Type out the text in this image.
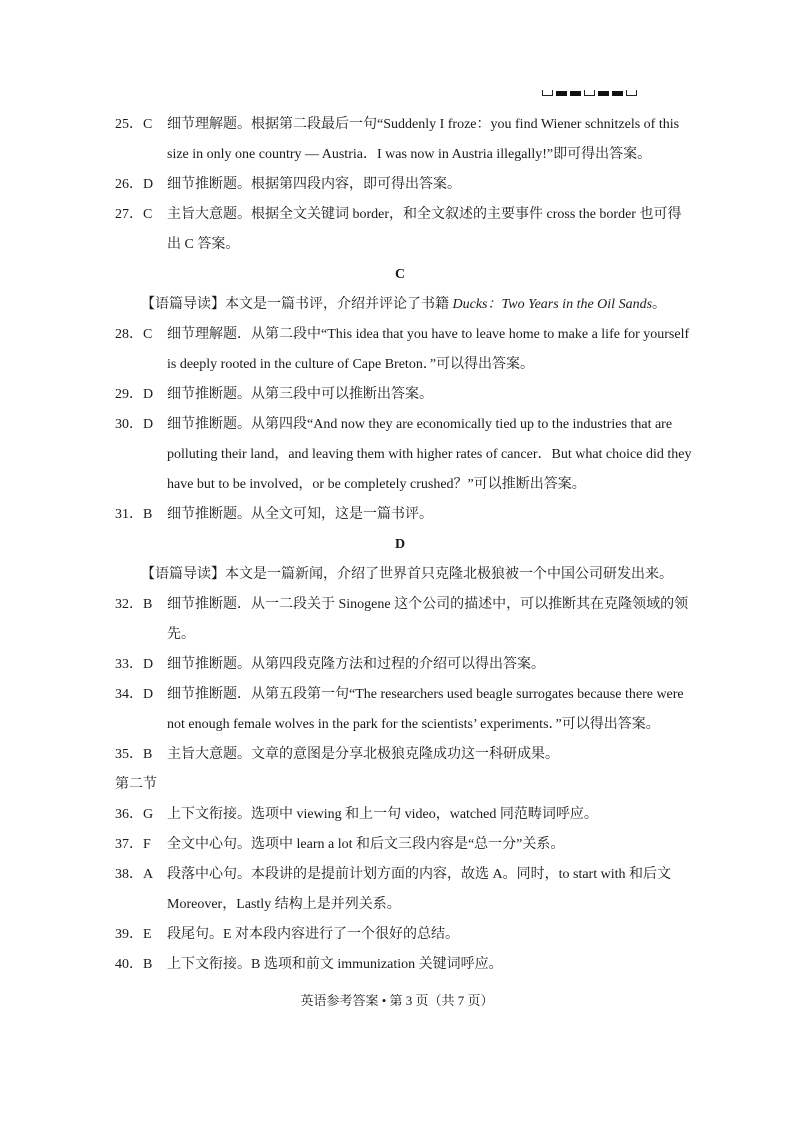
25．C 细节理解题。根据第二段最后一句“Suddenly I froze：you find Wiener schnitzels of this
size in only one country — Austria．I was now in Austria illegally!”即可得出答案。
26．D 细节推断题。根据第四段内容，即可得出答案。
27．C 主旨大意题。根据全文关键词 border，和全文叙述的主要事件 cross the border 也可得
出 C 答案。
C
【语篇导读】本文是一篇书评，介绍并评论了书籍 Ducks：Two Years in the Oil Sands。
28．C 细节理解题．从第二段中“This idea that you have to leave home to make a life for yourself
is deeply rooted in the culture of Cape Breton．”可以得出答案。
29．D 细节推断题。从第三段中可以推断出答案。
30．D 细节推断题。从第四段“And now they are economically tied up to the industries that are
polluting their land，and leaving them with higher rates of cancer．But what choice did they
have but to be involved，or be completely crushed？”可以推断出答案。
31．B 细节推断题。从全文可知，这是一篇书评。
D
【语篇导读】本文是一篇新闻，介绍了世界首只克隆北极狼被一个中国公司研发出来。
32．B 细节推断题．从一二段关于 Sinogene 这个公司的描述中，可以推断其在克隆领域的领
先。
33．D 细节推断题。从第四段克隆方法和过程的介绍可以得出答案。
34．D 细节推断题．从第五段第一句“The researchers used beagle surrogates because there were
not enough female wolves in the park for the scientists’ experiments．”可以得出答案。
35．B 主旨大意题。文章的意图是分享北极狼克隆成功这一科研成果。
第二节
36．G 上下文衔接。选项中 viewing 和上一句 video，watched 同范畴词呼应。
37．F 全文中心句。选项中 learn a lot 和后文三段内容是“总一分”关系。
38．A 段落中心句。本段讲的是提前计划方面的内容，故选 A。同时，to start with 和后文
Moreover，Lastly 结构上是并列关系。
39．E 段尾句。E 对本段内容进行了一个很好的总结。
40．B 上下文衔接。B 选项和前文 immunization 关键词呼应。
英语参考答案 • 第 3 页（共 7 页）
